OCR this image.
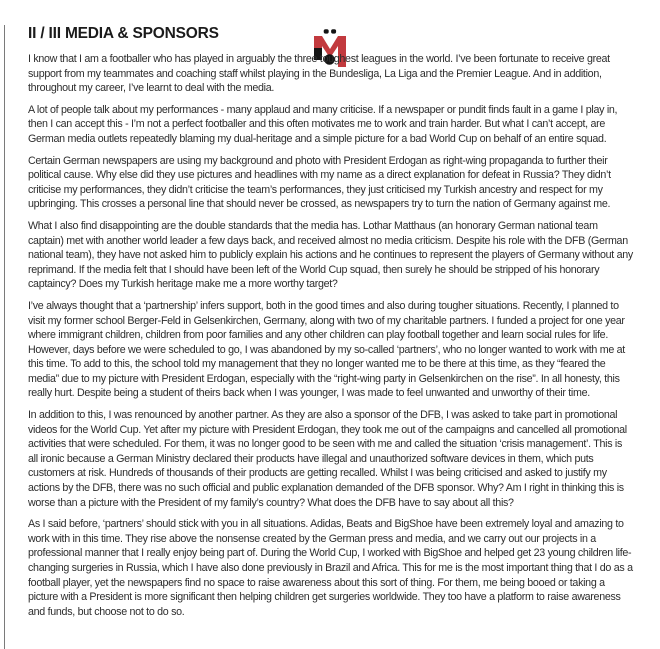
II / III MEDIA & SPONSORS

I know that I am a footballer who has played in arguably the three toughest leagues in the world. I’ve been fortunate to receive great support from my teammates and coaching staff whilst playing in the Bundesliga, La Liga and the Premier League. And in addition, throughout my career, I’ve learnt to deal with the media.

A lot of people talk about my performances - many applaud and many criticise. If a newspaper or pundit finds fault in a game I play in, then I can accept this - I’m not a perfect footballer and this often motivates me to work and train harder. But what I can’t accept, are German media outlets repeatedly blaming my dual-heritage and a simple picture for a bad World Cup on behalf of an entire squad.

Certain German newspapers are using my background and photo with President Erdogan as right-wing propaganda to further their political cause. Why else did they use pictures and headlines with my name as a direct explanation for defeat in Russia? They didn’t criticise my performances, they didn’t criticise the team’s performances, they just criticised my Turkish ancestry and respect for my upbringing. This crosses a personal line that should never be crossed, as newspapers try to turn the nation of Germany against me.

What I also find disappointing are the double standards that the media has. Lothar Matthaus (an honorary German national team captain) met with another world leader a few days back, and received almost no media criticism. Despite his role with the DFB (German national team), they have not asked him to publicly explain his actions and he continues to represent the players of Germany without any reprimand. If the media felt that I should have been left of the World Cup squad, then surely he should be stripped of his honorary captaincy? Does my Turkish heritage make me a more worthy target?

I’ve always thought that a ‘partnership’ infers support, both in the good times and also during tougher situations. Recently, I planned to visit my former school Berger-Feld in Gelsenkirchen, Germany, along with two of my charitable partners. I funded a project for one year where immigrant children, children from poor families and any other children can play football together and learn social rules for life. However, days before we were scheduled to go, I was abandoned by my so-called ‘partners’, who no longer wanted to work with me at this time. To add to this, the school told my management that they no longer wanted me to be there at this time, as they “feared the media” due to my picture with President Erdogan, especially with the “right-wing party in Gelsenkirchen on the rise”. In all honesty, this really hurt. Despite being a student of theirs back when I was younger, I was made to feel unwanted and unworthy of their time.

In addition to this, I was renounced by another partner. As they are also a sponsor of the DFB, I was asked to take part in promotional videos for the World Cup. Yet after my picture with President Erdogan, they took me out of the campaigns and cancelled all promotional activities that were scheduled. For them, it was no longer good to be seen with me and called the situation ‘crisis management’. This is all ironic because a German Ministry declared their products have illegal and unauthorized software devices in them, which puts customers at risk. Hundreds of thousands of their products are getting recalled. Whilst I was being criticised and asked to justify my actions by the DFB, there was no such official and public explanation demanded of the DFB sponsor. Why? Am I right in thinking this is worse than a picture with the President of my family’s country? What does the DFB have to say about all this?

As I said before, ‘partners’ should stick with you in all situations. Adidas, Beats and BigShoe have been extremely loyal and amazing to work with in this time. They rise above the nonsense created by the German press and media, and we carry out our projects in a professional manner that I really enjoy being part of. During the World Cup, I worked with BigShoe and helped get 23 young children life-changing surgeries in Russia, which I have also done previously in Brazil and Africa. This for me is the most important thing that I do as a football player, yet the newspapers find no space to raise awareness about this sort of thing. For them, me being booed or taking a picture with a President is more significant then helping children get surgeries worldwide. They too have a platform to raise awareness and funds, but choose not to do so.
